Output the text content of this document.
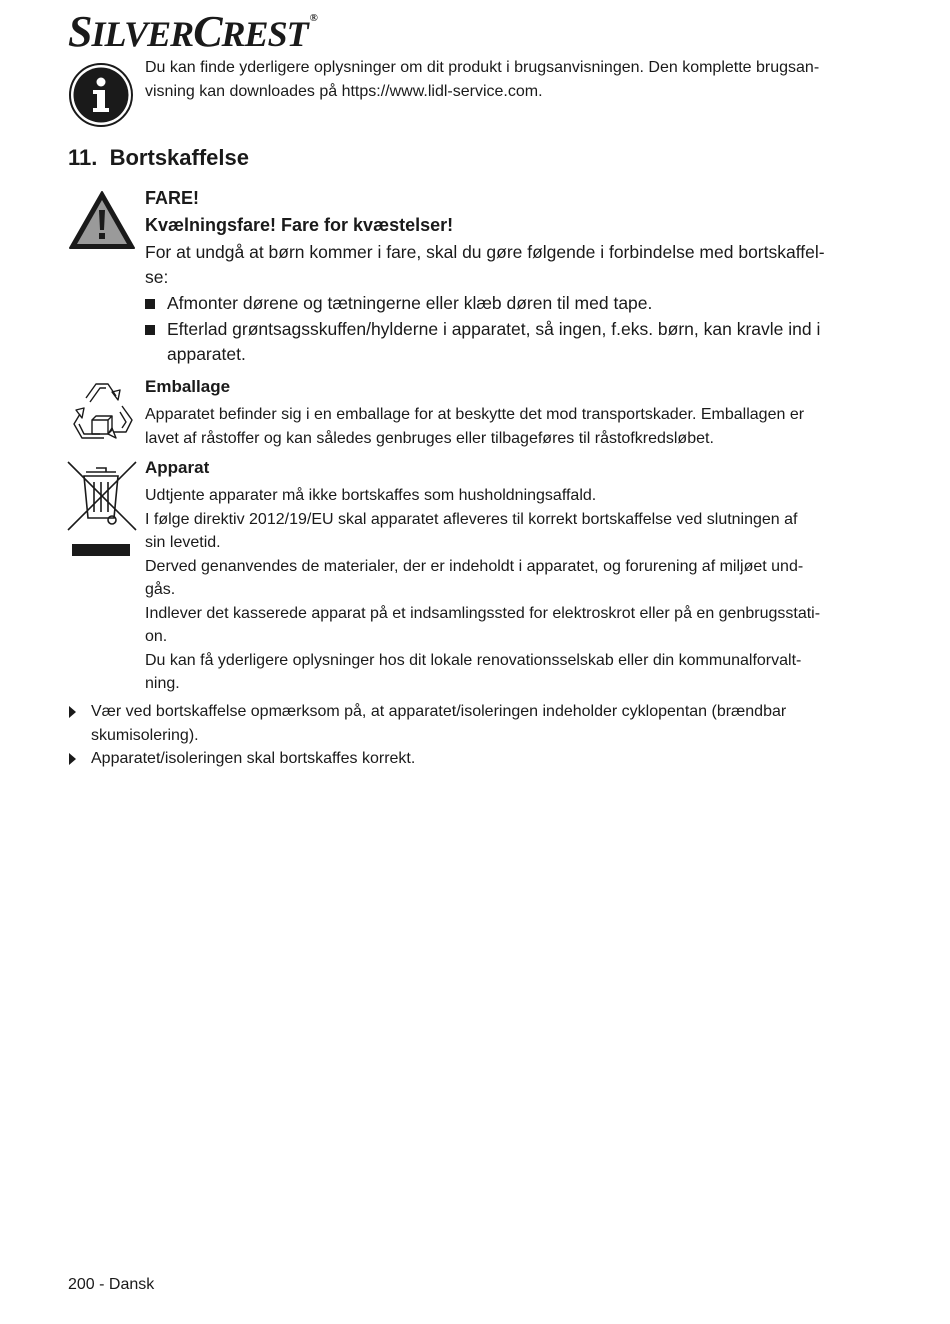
SILVERCREST ®
Du kan finde yderligere oplysninger om dit produkt i brugsanvisningen. Den komplette brugsan-
visning kan downloades på https://www.lidl-service.com.
11. Bortskaffelse
FARE!
Kvælningsfare! Fare for kvæstelser!
For at undgå at børn kommer i fare, skal du gøre følgende i forbindelse med bortskaffel-
se:
Afmonter dørene og tætningerne eller klæb døren til med tape.
Efterlad grøntsagsskuffen/hylderne i apparatet, så ingen, f.eks. børn, kan kravle ind i
apparatet.
Emballage
Apparatet befinder sig i en emballage for at beskytte det mod transportskader. Emballagen er
lavet af råstoffer og kan således genbruges eller tilbageføres til råstofkredsløbet.
Apparat
Udtjente apparater må ikke bortskaffes som husholdningsaffald.
I følge direktiv 2012/19/EU skal apparatet afleveres til korrekt bortskaffelse ved slutningen af
sin levetid.
Derved genanvendes de materialer, der er indeholdt i apparatet, og forurening af miljøet und-
gås.
Indlever det kasserede apparat på et indsamlingssted for elektroskrot eller på en genbrugsstati-
on.
Du kan få yderligere oplysninger hos dit lokale renovationsselskab eller din kommunalforvalt-
ning.
Vær ved bortskaffelse opmærksom på, at apparatet/isoleringen indeholder cyklopentan (brændbar
skumisolering).
Apparatet/isoleringen skal bortskaffes korrekt.
200 - Dansk
